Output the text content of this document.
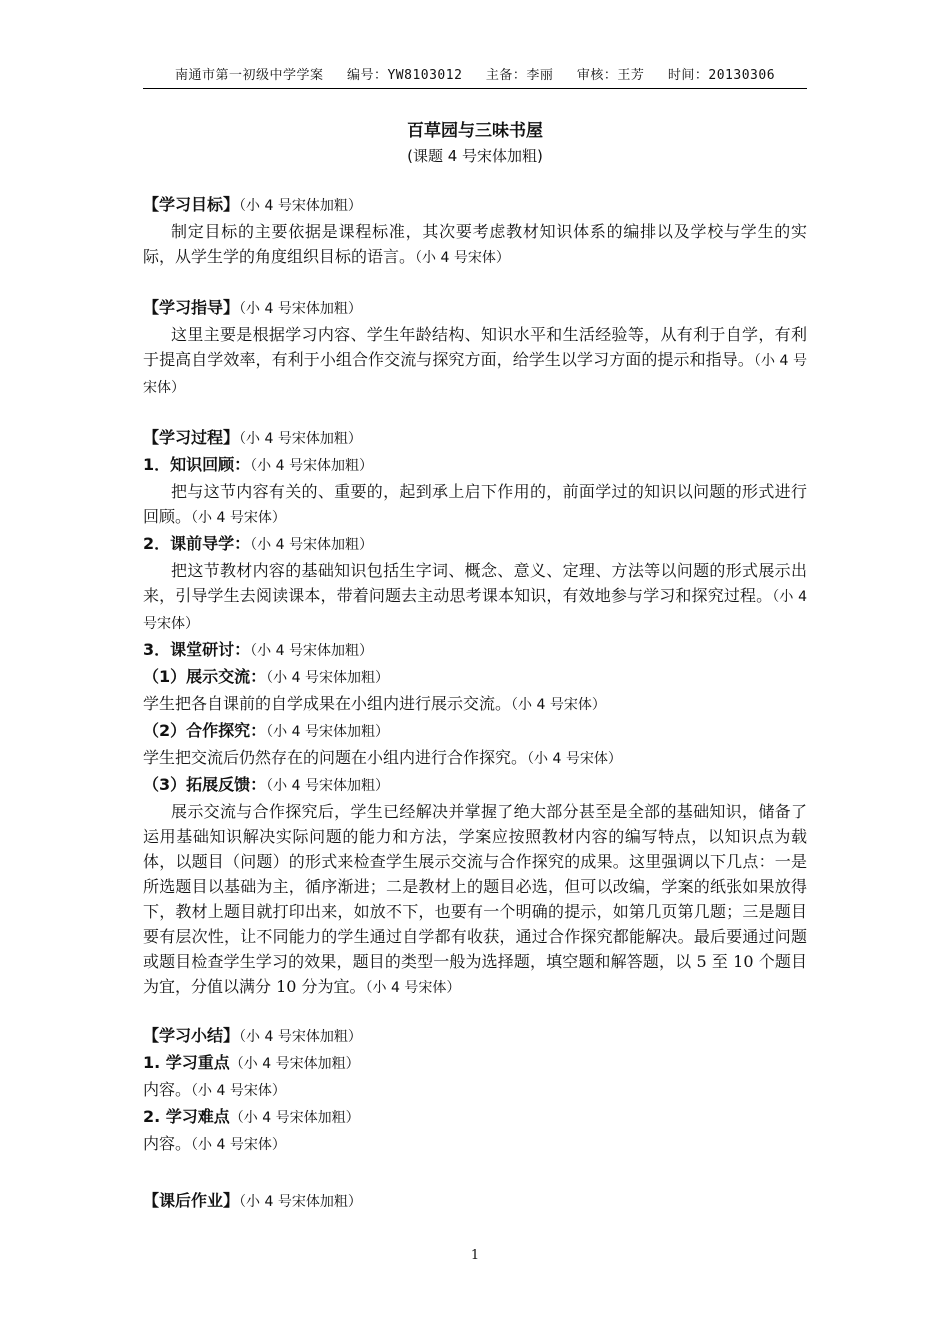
南通市第一初级中学学案 编号：YW8103012 主备：李丽 审核：王芳 时间：20130306
百草园与三味书屋
(课题 4 号宋体加粗)
【学习目标】（小 4 号宋体加粗）
制定目标的主要依据是课程标准，其次要考虑教材知识体系的编排以及学校与学生的实际，从学生学的角度组织目标的语言。（小 4 号宋体）
【学习指导】（小 4 号宋体加粗）
这里主要是根据学习内容、学生年龄结构、知识水平和生活经验等，从有利于自学，有利于提高自学效率，有利于小组合作交流与探究方面，给学生以学习方面的提示和指导。（小 4 号宋体）
【学习过程】（小 4 号宋体加粗）
1．知识回顾：（小 4 号宋体加粗）
把与这节内容有关的、重要的，起到承上启下作用的，前面学过的知识以问题的形式进行回顾。（小 4 号宋体）
2．课前导学：（小 4 号宋体加粗）
把这节教材内容的基础知识包括生字词、概念、意义、定理、方法等以问题的形式展示出来，引导学生去阅读课本，带着问题去主动思考课本知识，有效地参与学习和探究过程。（小 4 号宋体）
3．课堂研讨：（小 4 号宋体加粗）
（1）展示交流：（小 4 号宋体加粗）
学生把各自课前的自学成果在小组内进行展示交流。（小 4 号宋体）
（2）合作探究：（小 4 号宋体加粗）
学生把交流后仍然存在的问题在小组内进行合作探究。（小 4 号宋体）
（3）拓展反馈：（小 4 号宋体加粗）
展示交流与合作探究后，学生已经解决并掌握了绝大部分甚至是全部的基础知识，储备了运用基础知识解决实际问题的能力和方法，学案应按照教材内容的编写特点，以知识点为载体，以题目（问题）的形式来检查学生展示交流与合作探究的成果。这里强调以下几点：一是所选题目以基础为主，循序渐进；二是教材上的题目必选，但可以改编，学案的纸张如果放得下，教材上题目就打印出来，如放不下，也要有一个明确的提示，如第几页第几题；三是题目要有层次性，让不同能力的学生通过自学都有收获，通过合作探究都能解决。最后要通过问题或题目检查学生学习的效果，题目的类型一般为选择题，填空题和解答题，以 5 至 10 个题目为宜，分值以满分 10 分为宜。（小 4 号宋体）
【学习小结】（小 4 号宋体加粗）
1. 学习重点（小 4 号宋体加粗）
内容。（小 4 号宋体）
2. 学习难点（小 4 号宋体加粗）
内容。（小 4 号宋体）
【课后作业】（小 4 号宋体加粗）
1
